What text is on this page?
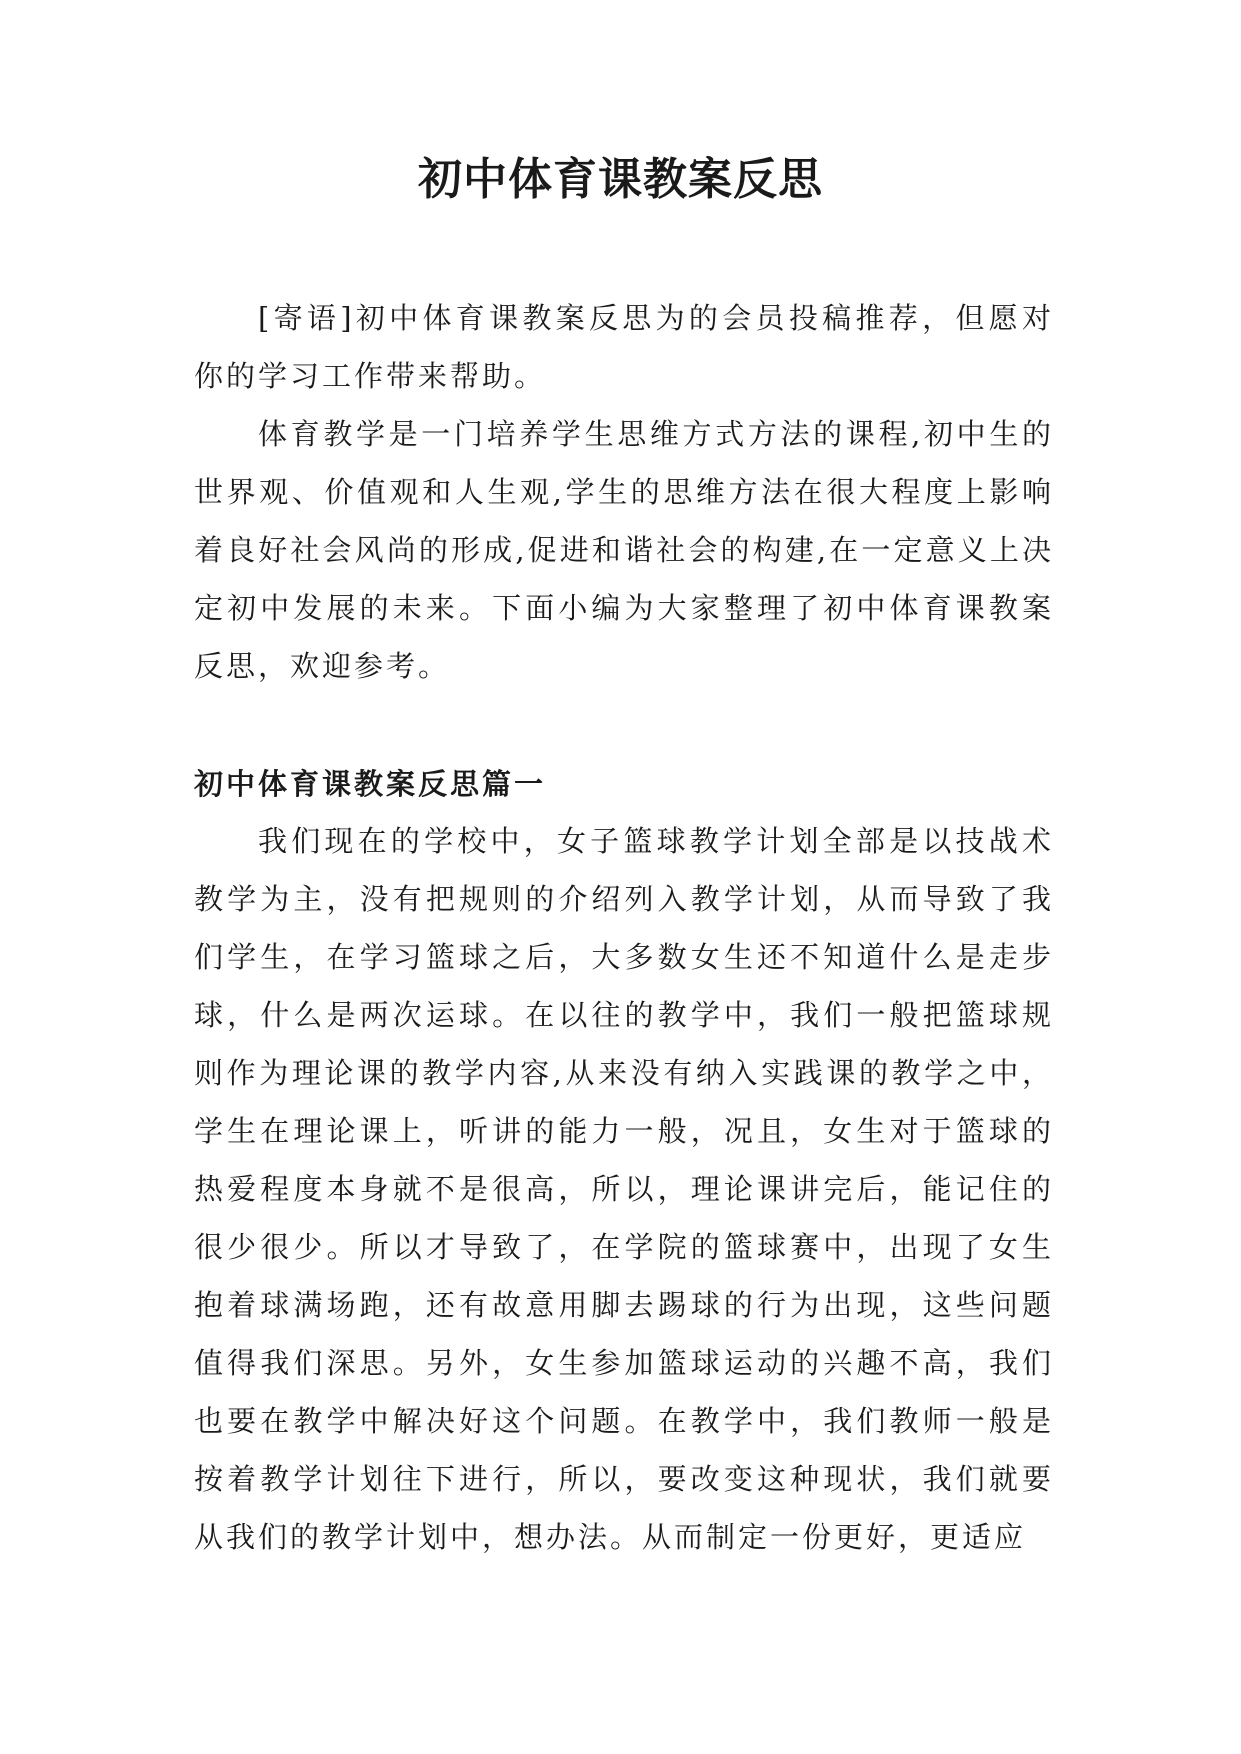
初中体育课教案反思

[寄语]初中体育课教案反思为的会员投稿推荐，但愿对你的学习工作带来帮助。

体育教学是一门培养学生思维方式方法的课程,初中生的世界观、价值观和人生观,学生的思维方法在很大程度上影响着良好社会风尚的形成,促进和谐社会的构建,在一定意义上决定初中发展的未来。下面小编为大家整理了初中体育课教案反思，欢迎参考。

初中体育课教案反思篇一

我们现在的学校中，女子篮球教学计划全部是以技战术教学为主，没有把规则的介绍列入教学计划，从而导致了我们学生，在学习篮球之后，大多数女生还不知道什么是走步球，什么是两次运球。在以往的教学中，我们一般把篮球规则作为理论课的教学内容,从来没有纳入实践课的教学之中，学生在理论课上，听讲的能力一般，况且，女生对于篮球的热爱程度本身就不是很高，所以，理论课讲完后，能记住的很少很少。所以才导致了，在学院的篮球赛中，出现了女生抱着球满场跑，还有故意用脚去踢球的行为出现，这些问题值得我们深思。另外，女生参加篮球运动的兴趣不高，我们也要在教学中解决好这个问题。在教学中，我们教师一般是按着教学计划往下进行，所以，要改变这种现状，我们就要从我们的教学计划中，想办法。从而制定一份更好，更适应
